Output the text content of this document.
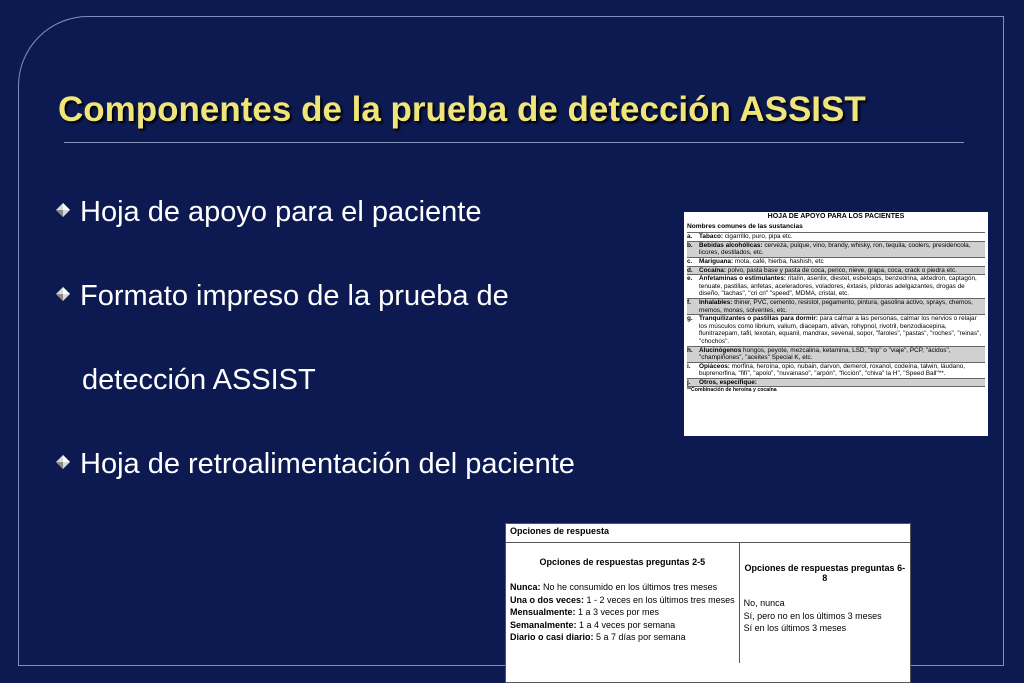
Componentes de la prueba de detección ASSIST
Hoja de apoyo para el paciente
Formato impreso de la prueba de
detección ASSIST
Hoja de retroalimentación del paciente
HOJA DE APOYO PARA LOS PACIENTES
Nombres comunes de las sustancias
a.	Tabaco: cigarrillo, puro, pipa etc.
b. Bebidas alcohólicas: cerveza, pulque, vino, brandy, whisky, ron, tequila, coolers, presidencola, licores, destilados, etc.
c.	Mariguana: mota, café, hierba, hashish, etc
d. Cocaína: polvo, pasta base y pasta de coca, perico, nieve, grapa, coca, crack o piedra etc.
e.	Anfetaminas o estimulantes: ritalín, asenlix, diestet, esbelcaps, benzedrina, aktedron, captagón, tenuate, pastillas, anfetas, aceleradores, voladores, éxtasis, píldoras adelgazantes, drogas de diseño, "tachas", "cri cri" "speed", MDMA, cristal, etc.
f.	Inhalables: thiner, PVC, cemento, resistol, pegamento, pintura, gasolina activo, sprays, chemos, memos, monas, solventes, etc.
g. Tranquilizantes o pastillas para dormir: para calmar a las personas, calmar los nervios o relajar los músculos como librium, valium, diacepam, ativan, rohypnol, rivotril, benzodiacepina, flunitrazepam, tafil, lexotan, equanil, mandrax, sevenal, sopor, "faroles", "pastas", "roches", "reinas", "chochos".
h. Alucinógenos hongos, peyote, mezcalina, ketamina, LSD, "trip" o "viaje", PCP, "ácidos", "champiñones", "aceites" Special K, etc.
i.	Opiáceos: morfina, heroína, opio, nubain, darvon, demerol, roxanol, codeína, talwin, láudano, buprenorfina, "fifí", "apolo", "nuvainaso", "arpón", "ficción", "chiva" la H", "Speed Ball"**.
j.	Otros, especifique:
**Combinación de heroína y cocaína
Opciones de respuesta
Opciones de respuestas preguntas 2-5
Nunca: No he consumido en los últimos tres meses
Una o dos veces: 1 - 2 veces en los últimos tres meses
Mensualmente: 1 a 3 veces por mes
Semanalmente: 1 a 4 veces por semana
Diario o casi diario: 5 a 7 días por semana
Opciones de respuestas preguntas 6-8
No, nunca
Sí, pero no en los últimos 3 meses
Sí en los últimos 3 meses
